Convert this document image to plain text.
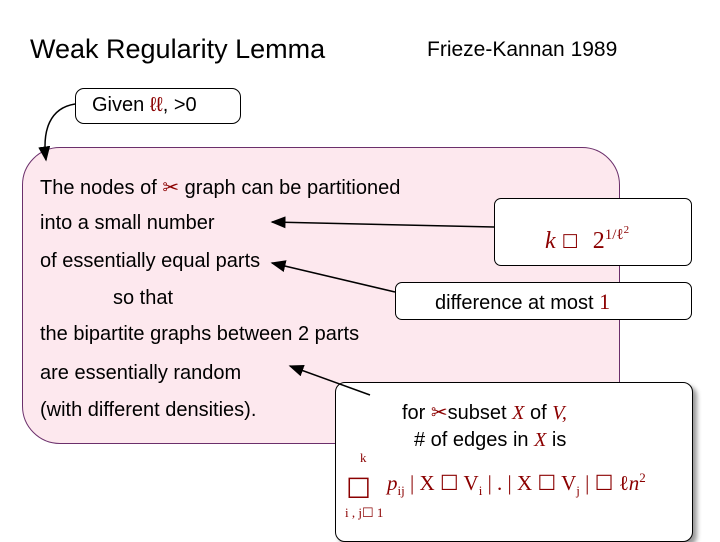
Weak Regularity Lemma	Frieze-Kannan 1989
Given ℓℓ, >0
The nodes of ✂ graph can be partitioned
into a small number
of essentially equal parts
so that
the bipartite graphs between 2 parts
are essentially random
(with different densities).
k ☐ $2^{1/\ell^2}$
difference at most 1
for ✂subset X of V,
# of edges in X is
☐
k
i , j☐ 1
$p_{ij}$ | X ☐ $V_i$ | . | X ☐ $V_j$ | ☐ ℓn$^2$
